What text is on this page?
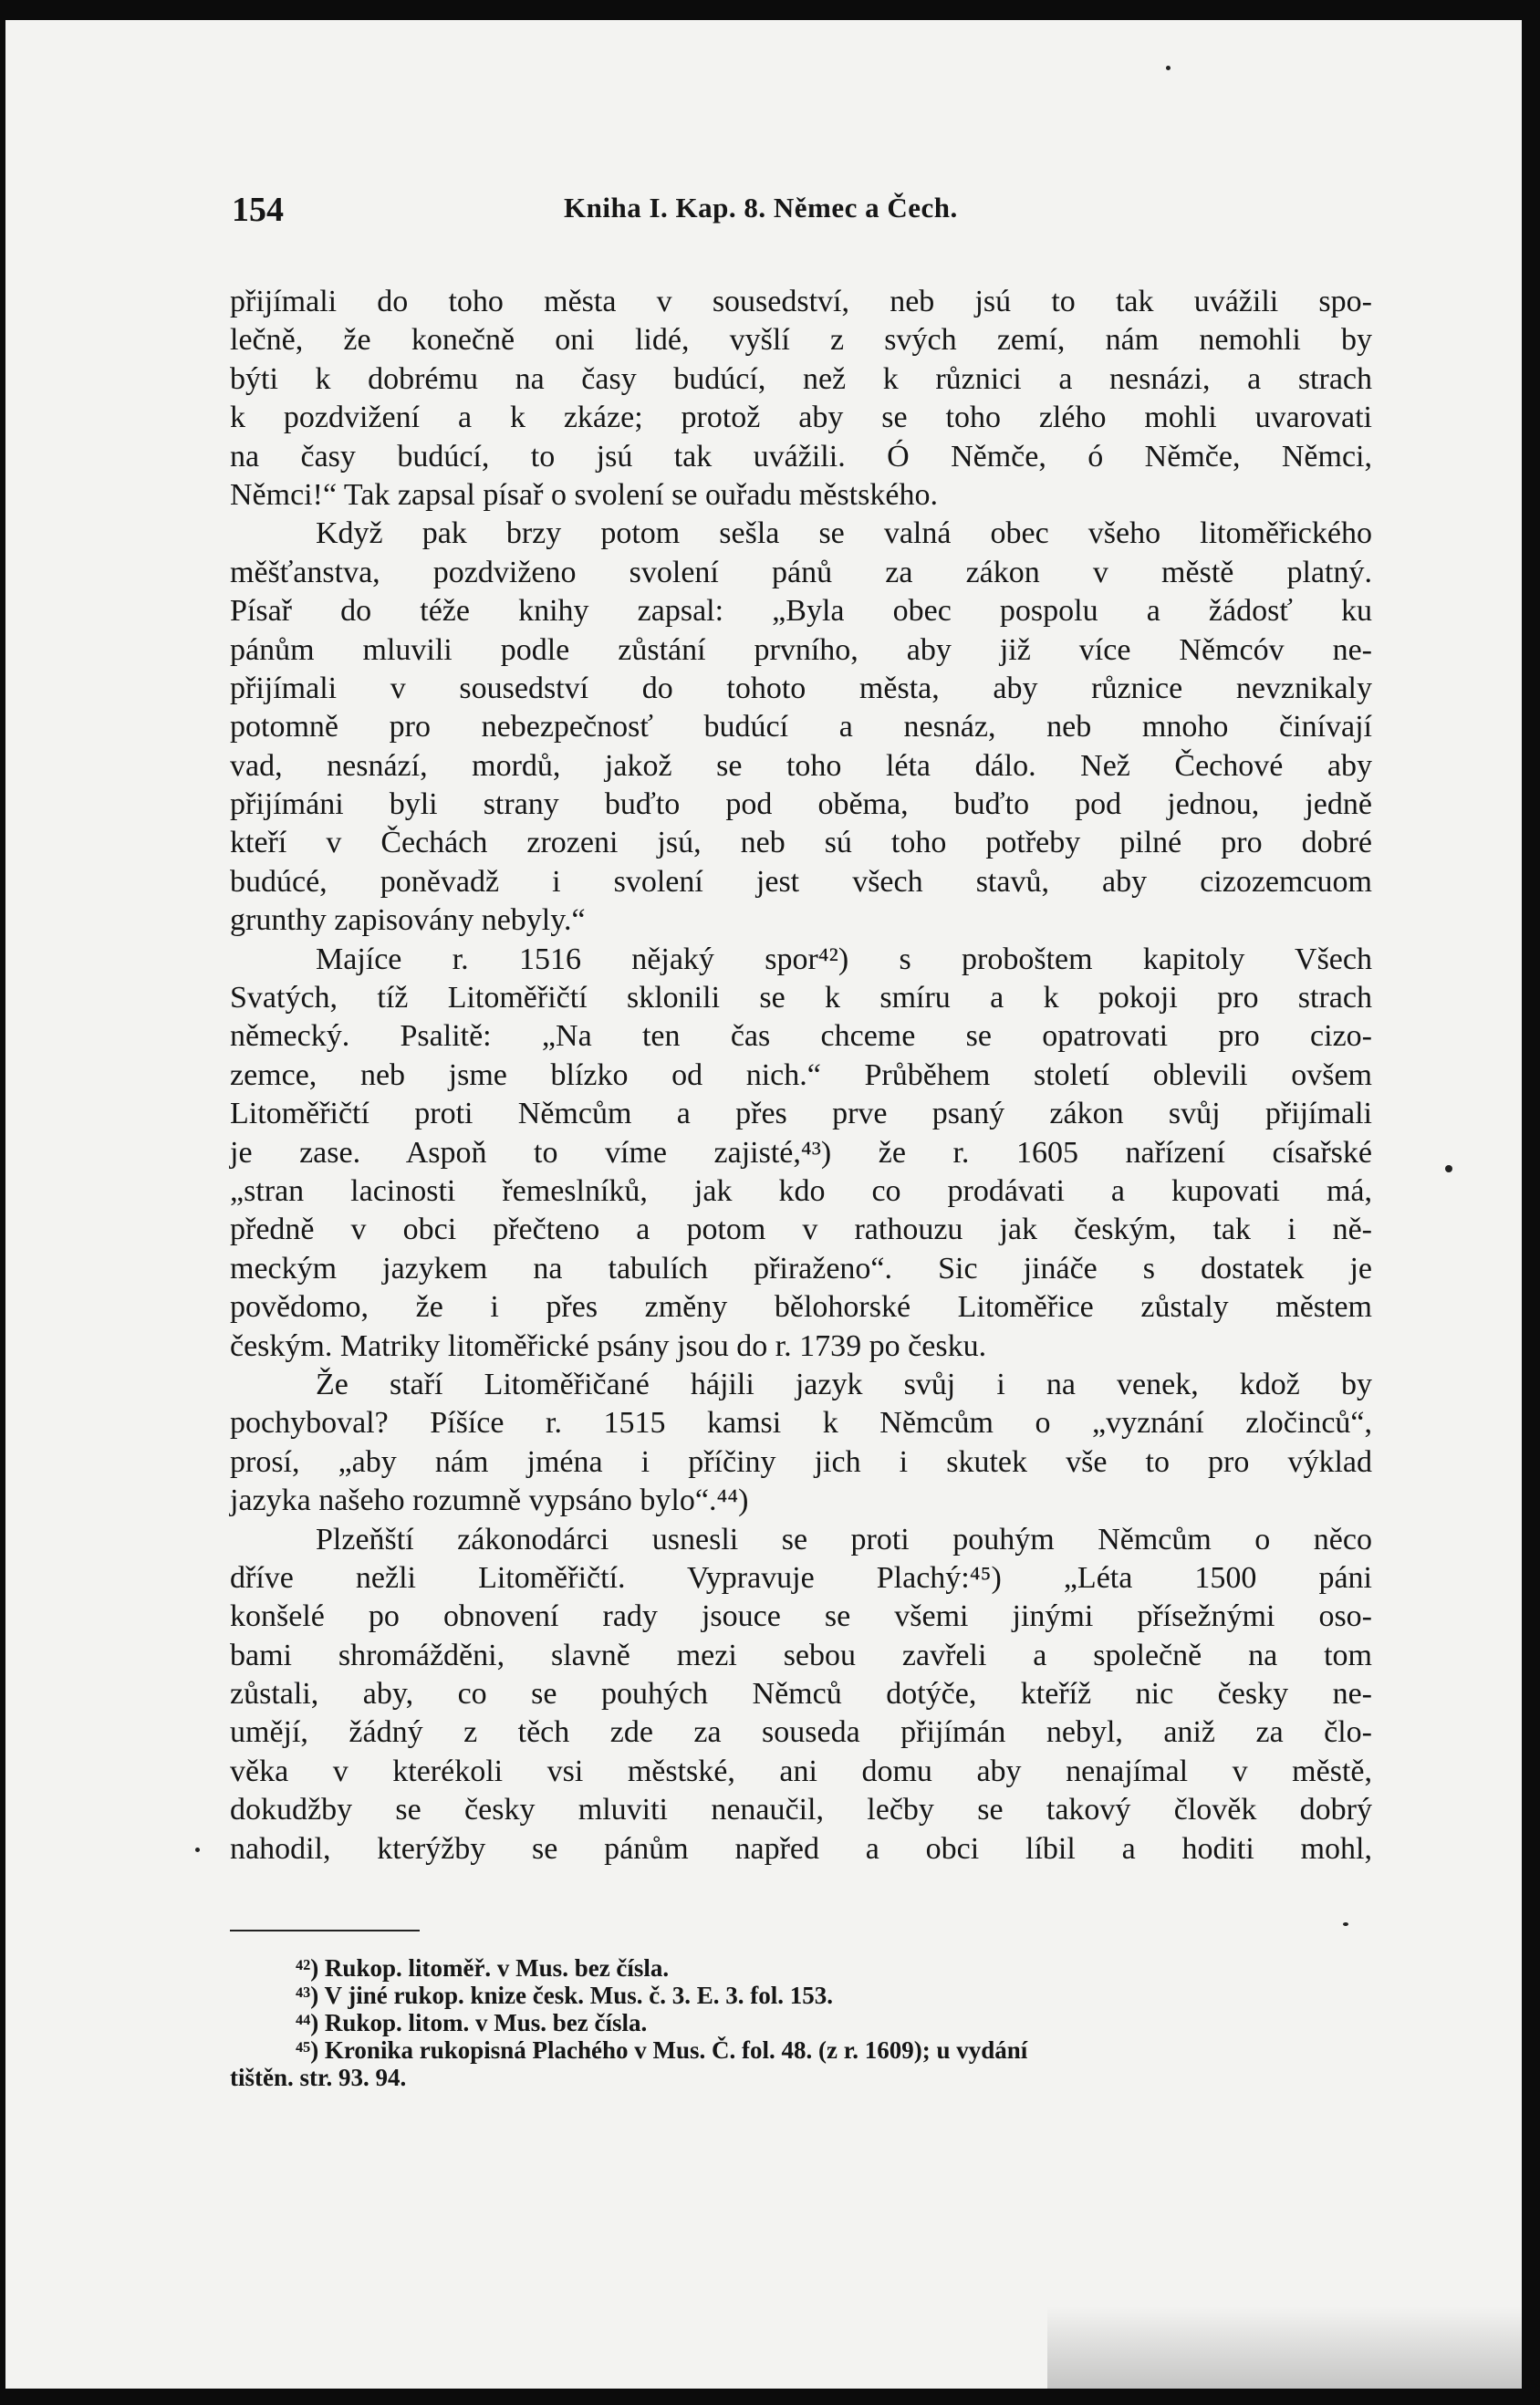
154	Kniha I. Kap. 8. Němec a Čech.
přijímali do toho města v sousedství, neb jsú to tak uvážili spo-
lečně, že konečně oni lidé, vyšlí z svých zemí, nám nemohli by
býti k dobrému na časy budúcí, než k různici a nesnázi, a strach
k pozdvižení a k zkáze; protož aby se toho zlého mohli uvarovati
na časy budúcí, to jsú tak uvážili. Ó Němče, ó Němče, Němci,
Němci!“ Tak zapsal písař o svolení se ouřadu městského.
Když pak brzy potom sešla se valná obec všeho litoměřického
měšťanstva, pozdviženo svolení pánů za zákon v městě platný.
Písař do téže knihy zapsal: „Byla obec pospolu a žádosť ku
pánům mluvili podle zůstání prvního, aby již více Němcóv ne-
přijímali v sousedství do tohoto města, aby různice nevznikaly
potomně pro nebezpečnosť budúcí a nesnáz, neb mnoho činívají
vad, nesnází, mordů, jakož se toho léta dálo. Než Čechové aby
přijímáni byli strany buďto pod oběma, buďto pod jednou, jedně
kteří v Čechách zrozeni jsú, neb sú toho potřeby pilné pro dobré
budúcé, poněvadž i svolení jest všech stavů, aby cizozemcuom
grunthy zapisovány nebyly.“
Majíce r. 1516 nějaký spor⁴²) s proboštem kapitoly Všech
Svatých, tíž Litoměřičtí sklonili se k smíru a k pokoji pro strach
německý. Psalitě: „Na ten čas chceme se opatrovati pro cizo-
zemce, neb jsme blízko od nich.“ Průběhem století oblevili ovšem
Litoměřičtí proti Němcům a přes prve psaný zákon svůj přijímali
je zase. Aspoň to víme zajisté,⁴³) že r. 1605 nařízení císařské
„stran lacinosti řemeslníků, jak kdo co prodávati a kupovati má,
předně v obci přečteno a potom v rathouzu jak českým, tak i ně-
meckým jazykem na tabulích přiraženo“. Sic jináče s dostatek je
povědomo, že i přes změny bělohorské Litoměřice zůstaly městem
českým. Matriky litoměřické psány jsou do r. 1739 po česku.
Že staří Litoměřičané hájili jazyk svůj i na venek, kdož by
pochyboval? Píšíce r. 1515 kamsi k Němcům o „vyznání zločinců“,
prosí, „aby nám jména i příčiny jich i skutek vše to pro výklad
jazyka našeho rozumně vypsáno bylo“.⁴⁴)
Plzeňští zákonodárci usnesli se proti pouhým Němcům o něco
dříve nežli Litoměřičtí. Vypravuje Plachý:⁴⁵) „Léta 1500 páni
konšelé po obnovení rady jsouce se všemi jinými přísežnými oso-
bami shromážděni, slavně mezi sebou zavřeli a společně na tom
zůstali, aby, co se pouhých Němců dotýče, kteříž nic česky ne-
umějí, žádný z těch zde za souseda přijímán nebyl, aniž za člo-
věka v kterékoli vsi městské, ani domu aby nenajímal v městě,
dokudžby se česky mluviti nenaučil, lečby se takový člověk dobrý
nahodil, kterýžby se pánům napřed a obci líbil a hoditi mohl,
⁴²) Rukop. litoměř. v Mus. bez čísla.
⁴³) V jiné rukop. knize česk. Mus. č. 3. E. 3. fol. 153.
⁴⁴) Rukop. litom. v Mus. bez čísla.
⁴⁵) Kronika rukopisná Plachého v Mus. Č. fol. 48. (z r. 1609); u vydání
tištěn. str. 93. 94.
